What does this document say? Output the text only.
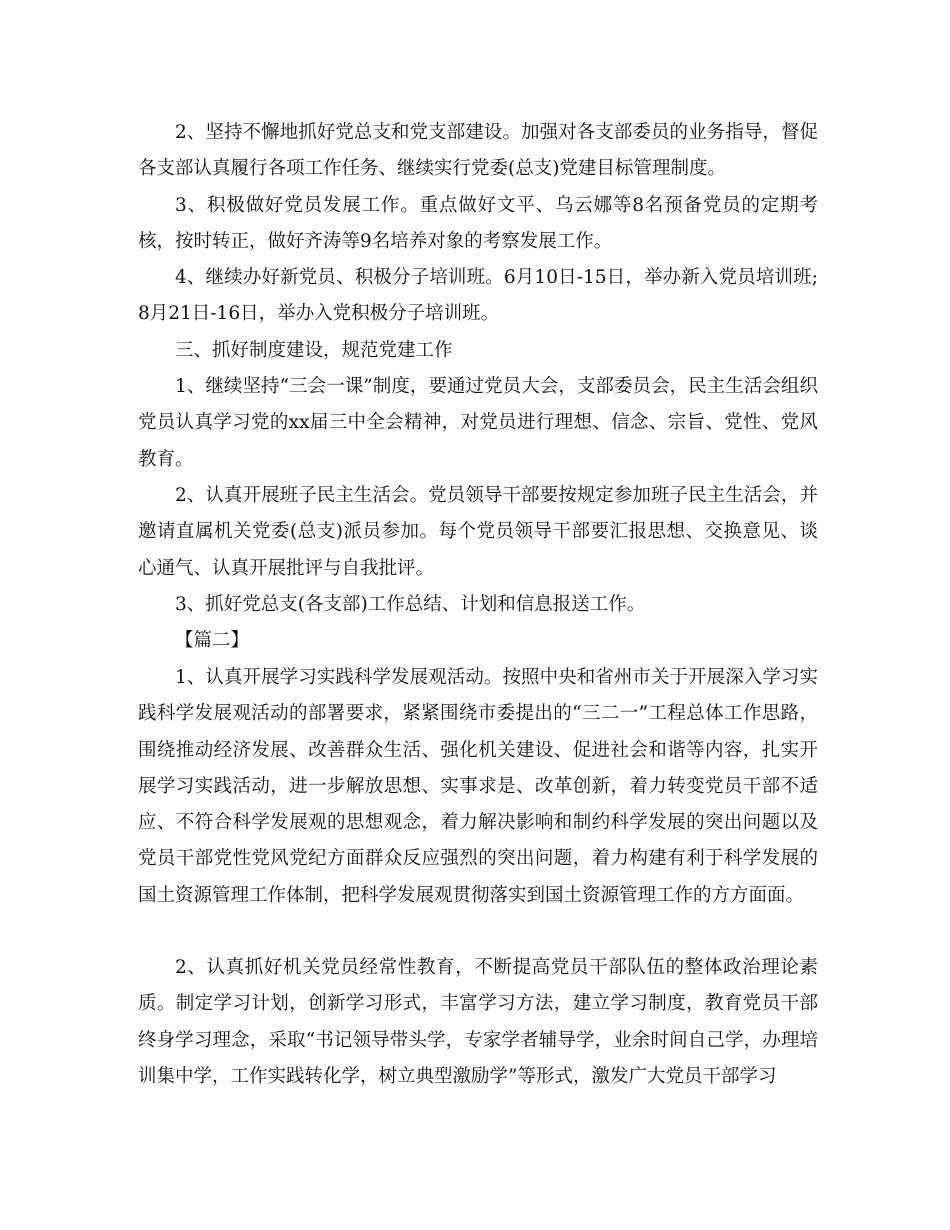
2、坚持不懈地抓好党总支和党支部建设。加强对各支部委员的业务指导，督促各支部认真履行各项工作任务、继续实行党委(总支)党建目标管理制度。

3、积极做好党员发展工作。重点做好文平、乌云娜等8名预备党员的定期考核，按时转正，做好齐涛等9名培养对象的考察发展工作。

4、继续办好新党员、积极分子培训班。6月10日-15日，举办新入党员培训班;8月21日-16日，举办入党积极分子培训班。

三、抓好制度建设，规范党建工作

1、继续坚持“三会一课”制度，要通过党员大会，支部委员会，民主生活会组织党员认真学习党的xx届三中全会精神，对党员进行理想、信念、宗旨、党性、党风教育。

2、认真开展班子民主生活会。党员领导干部要按规定参加班子民主生活会，并邀请直属机关党委(总支)派员参加。每个党员领导干部要汇报思想、交换意见、谈心通气、认真开展批评与自我批评。

3、抓好党总支(各支部)工作总结、计划和信息报送工作。

【篇二】

1、认真开展学习实践科学发展观活动。按照中央和省州市关于开展深入学习实践科学发展观活动的部署要求，紧紧围绕市委提出的“三二一”工程总体工作思路，围绕推动经济发展、改善群众生活、强化机关建设、促进社会和谐等内容，扎实开展学习实践活动，进一步解放思想、实事求是、改革创新，着力转变党员干部不适应、不符合科学发展观的思想观念，着力解决影响和制约科学发展的突出问题以及党员干部党性党风党纪方面群众反应强烈的突出问题，着力构建有利于科学发展的国土资源管理工作体制，把科学发展观贯彻落实到国土资源管理工作的方方面面。

2、认真抓好机关党员经常性教育，不断提高党员干部队伍的整体政治理论素质。制定学习计划，创新学习形式，丰富学习方法，建立学习制度，教育党员干部终身学习理念，采取“书记领导带头学，专家学者辅导学，业余时间自己学，办理培训集中学，工作实践转化学，树立典型激励学”等形式，激发广大党员干部学习
